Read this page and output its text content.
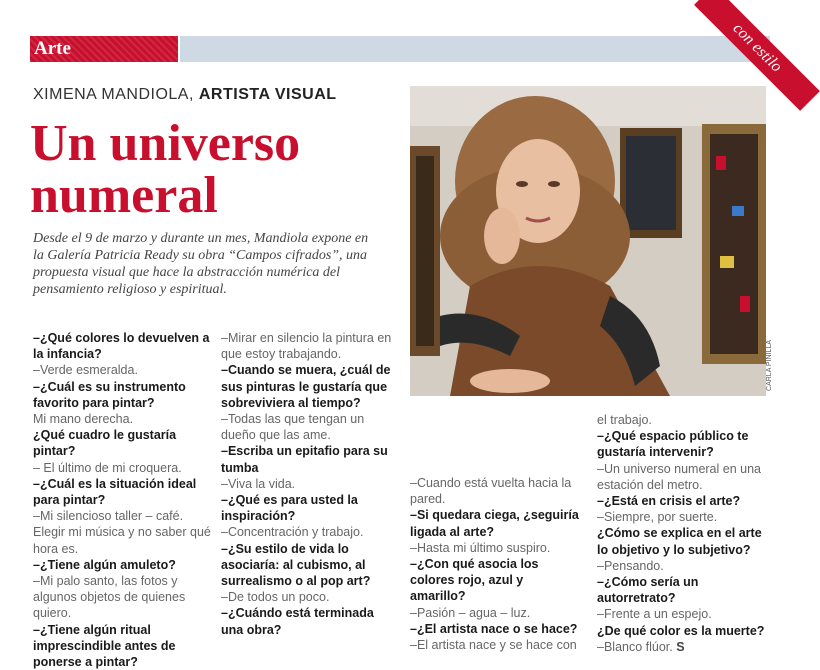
Arte	con estilo
XIMENA MANDIOLA, ARTISTA VISUAL
Un universo numeral

Desde el 9 de marzo y durante un mes, Mandiola expone en la Galería Patricia Ready su obra “Campos cifrados”, una propuesta visual que hace la abstracción numérica del pensamiento religioso y espiritual.

CARLA PINILLA
–¿Qué colores lo devuelven a la infancia?
–Verde esmeralda.
–¿Cuál es su instrumento favorito para pintar?
Mi mano derecha.
¿Qué cuadro le gustaría pintar?
– El último de mi croquera.
–¿Cuál es la situación ideal para pintar?
–Mi silencioso taller – café. Elegir mi música y no saber qué hora es.
–¿Tiene algún amuleto?
–Mi palo santo, las fotos y algunos objetos de quienes quiero.
–¿Tiene algún ritual imprescindible antes de ponerse a pintar?
–Mirar en silencio la pintura en que estoy trabajando.
–Cuando se muera, ¿cuál de sus pinturas le gustaría que sobreviviera al tiempo?
–Todas las que tengan un dueño que las ame.
–Escriba un epitafio para su tumba
–Viva la vida.
–¿Qué es para usted la inspiración?
–Concentración y trabajo.
–¿Su estilo de vida lo asociaría: al cubismo, al surrealismo o al pop art?
–De todos un poco.
–¿Cuándo está terminada una obra?
–Cuando está vuelta hacia la pared.
–Si quedara ciega, ¿seguiría ligada al arte?
–Hasta mi último suspiro.
–¿Con qué asocia los colores rojo, azul y amarillo?
–Pasión – agua – luz.
–¿El artista nace o se hace?
–El artista nace y se hace con
el trabajo.
–¿Qué espacio público te gustaría intervenir?
–Un universo numeral en una estación del metro.
–¿Está en crisis el arte?
–Siempre, por suerte.
¿Cómo se explica en el arte lo objetivo y lo subjetivo?
–Pensando.
–¿Cómo sería un autorretrato?
–Frente a un espejo.
¿De qué color es la muerte?
–Blanco flúor. S
